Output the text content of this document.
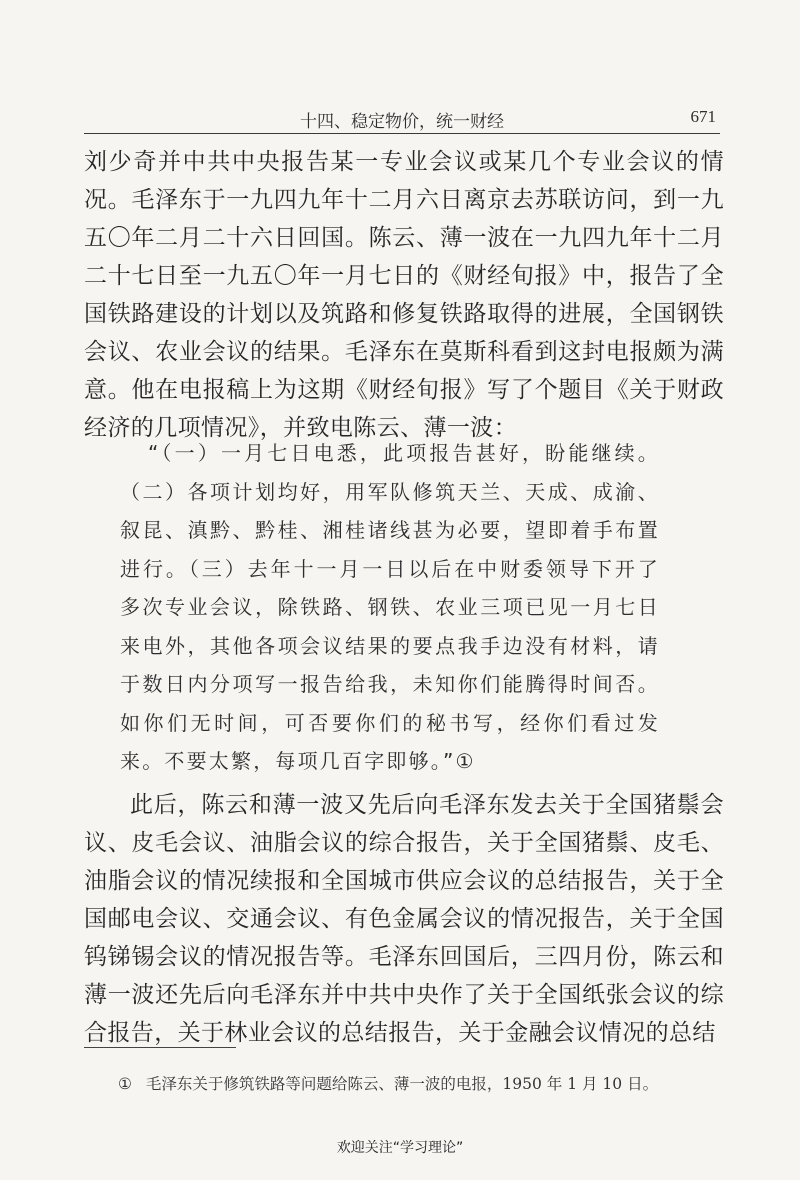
十四、稳定物价，统一财经	671

刘少奇并中共中央报告某一专业会议或某几个专业会议的情况。毛泽东于一九四九年十二月六日离京去苏联访问，到一九五〇年二月二十六日回国。陈云、薄一波在一九四九年十二月二十七日至一九五〇年一月七日的《财经旬报》中，报告了全国铁路建设的计划以及筑路和修复铁路取得的进展，全国钢铁会议、农业会议的结果。毛泽东在莫斯科看到这封电报颇为满意。他在电报稿上为这期《财经旬报》写了个题目《关于财政经济的几项情况》，并致电陈云、薄一波：

“（一）一月七日电悉，此项报告甚好，盼能继续。（二）各项计划均好，用军队修筑天兰、天成、成渝、叙昆、滇黔、黔桂、湘桂诸线甚为必要，望即着手布置进行。（三）去年十一月一日以后在中财委领导下开了多次专业会议，除铁路、钢铁、农业三项已见一月七日来电外，其他各项会议结果的要点我手边没有材料，请于数日内分项写一报告给我，未知你们能腾得时间否。如你们无时间，可否要你们的秘书写，经你们看过发来。不要太繁，每项几百字即够。”①

此后，陈云和薄一波又先后向毛泽东发去关于全国猪鬃会议、皮毛会议、油脂会议的综合报告，关于全国猪鬃、皮毛、油脂会议的情况续报和全国城市供应会议的总结报告，关于全国邮电会议、交通会议、有色金属会议的情况报告，关于全国钨锑锡会议的情况报告等。毛泽东回国后，三四月份，陈云和薄一波还先后向毛泽东并中共中央作了关于全国纸张会议的综合报告，关于林业会议的总结报告，关于金融会议情况的总结

① 毛泽东关于修筑铁路等问题给陈云、薄一波的电报，1950 年 1 月 10 日。

欢迎关注“学习理论”
